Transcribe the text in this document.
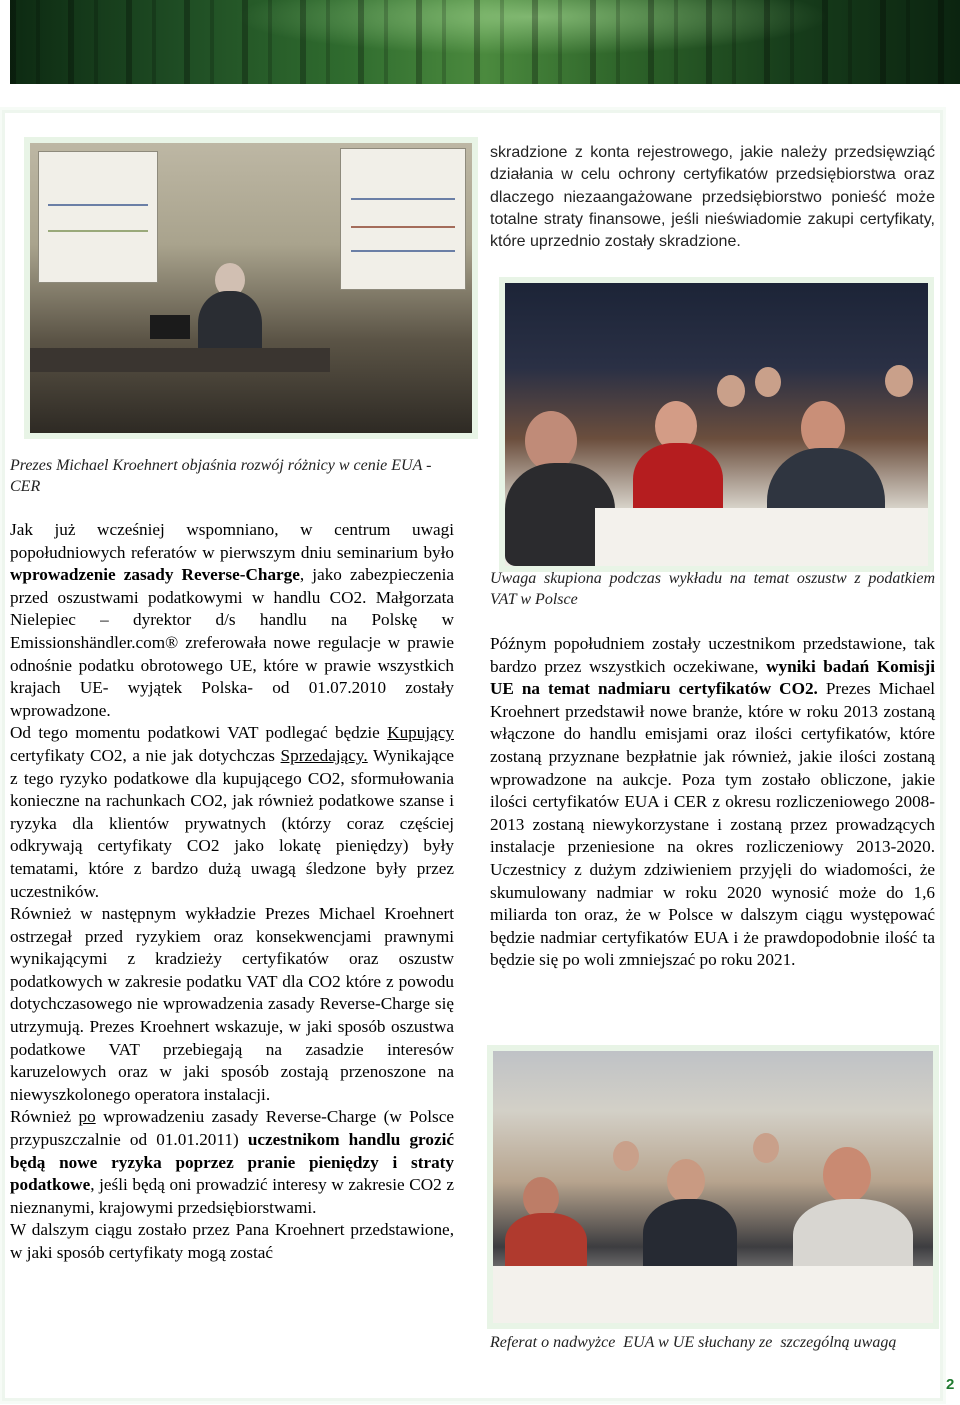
skradzione z konta rejestrowego, jakie należy przedsięwziąć działania w celu ochrony certyfikatów przedsiębiorstwa oraz dlaczego niezaangażowane przedsiębiorstwo ponieść może totalne straty finansowe, jeśli nieświadomie zakupi certyfikaty, które uprzednio zostały skradzione.

Prezes Michael Kroehnert objaśnia rozwój różnicy w cenie EUA -CER
Uwaga skupiona podczas wykładu na temat oszustw z podatkiem VAT w Polsce
Referat o nadwyżce  EUA w UE słuchany ze  szczególną uwagą

Jak już wcześniej wspomniano, w centrum uwagi popołudniowych referatów w pierwszym dniu seminarium było wprowadzenie zasady Reverse-Charge, jako zabezpieczenia przed oszustwami podatkowymi w handlu CO2. Małgorzata Nielepiec – dyrektor d/s handlu na Polskę w Emissionshändler.com® zreferowała nowe regulacje w prawie odnośnie podatku obrotowego UE, które w prawie wszystkich krajach UE- wyjątek Polska- od 01.07.2010 zostały wprowadzone.

Od tego momentu podatkowi VAT podlegać będzie Kupujący certyfikaty CO2, a nie jak dotychczas Sprzedający. Wynikające z tego ryzyko podatkowe dla kupującego CO2, sformułowania konieczne na rachunkach CO2, jak również podatkowe szanse i ryzyka dla klientów prywatnych (którzy coraz częściej odkrywają certyfikaty CO2 jako lokatę pieniędzy) były tematami, które z bardzo dużą uwagą śledzone były przez uczestników.

Również w następnym wykładzie Prezes Michael Kroehnert ostrzegał przed ryzykiem oraz konsekwencjami prawnymi wynikającymi z kradzieży certyfikatów oraz oszustw podatkowych w zakresie podatku VAT dla CO2 które z powodu dotychczasowego nie wprowadzenia zasady Reverse-Charge się utrzymują. Prezes Kroehnert wskazuje, w jaki sposób oszustwa podatkowe VAT przebiegają na zasadzie interesów karuzelowych oraz w jaki sposób zostają przenoszone na niewyszkolonego operatora instalacji.

Również po wprowadzeniu zasady Reverse-Charge (w Polsce przypuszczalnie od 01.01.2011) uczestnikom handlu grozić będą nowe ryzyka poprzez pranie pieniędzy i straty podatkowe, jeśli będą oni prowadzić interesy w zakresie CO2 z nieznanymi, krajowymi przedsiębiorstwami.

W dalszym ciągu zostało przez Pana Kroehnert przedstawione, w jaki sposób certyfikaty mogą zostać

Późnym popołudniem zostały uczestnikom przedstawione, tak bardzo przez wszystkich oczekiwane, wyniki badań Komisji UE na temat nadmiaru certyfikatów CO2. Prezes Michael Kroehnert przedstawił nowe branże, które w roku 2013 zostaną włączone do handlu emisjami oraz ilości certyfikatów, które zostaną przyznane bezpłatnie jak również, jakie ilości zostaną wprowadzone na aukcje. Poza tym zostało obliczone, jakie ilości certyfikatów EUA i CER z okresu rozliczeniowego 2008- 2013 zostaną niewykorzystane i zostaną przez prowadzących instalacje przeniesione na okres rozliczeniowy 2013-2020. Uczestnicy z dużym zdziwieniem przyjęli do wiadomości, że skumulowany nadmiar w roku 2020 wynosić może do 1,6 miliarda ton oraz, że w Polsce w dalszym ciągu występować będzie nadmiar certyfikatów EUA i że prawdopodobnie ilość ta będzie się po woli zmniejszać po roku 2021.

2
